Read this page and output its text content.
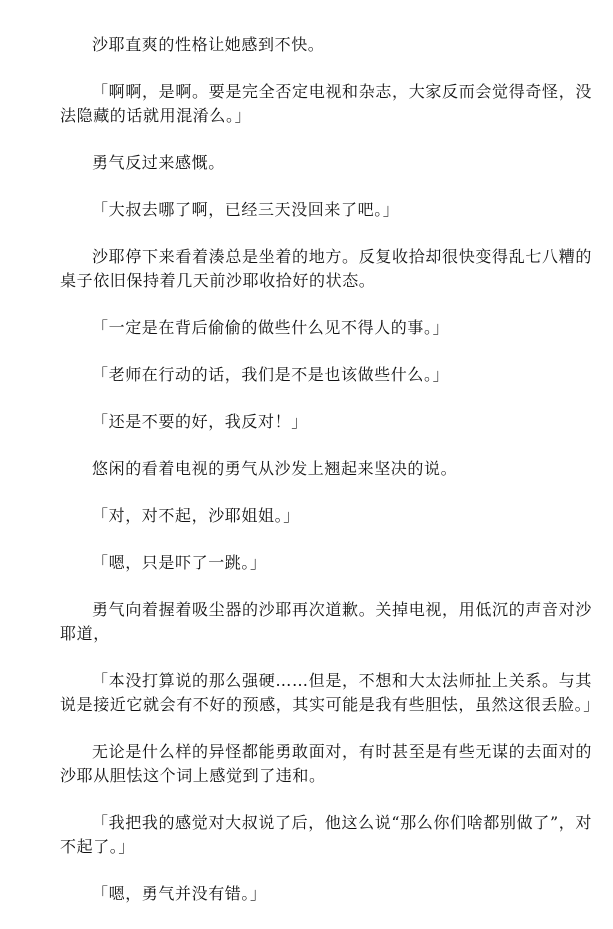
沙耶直爽的性格让她感到不快。

「啊啊，是啊。要是完全否定电视和杂志，大家反而会觉得奇怪，没法隐藏的话就用混淆么。」

勇气反过来感慨。

「大叔去哪了啊，已经三天没回来了吧。」

沙耶停下来看着湊总是坐着的地方。反复收拾却很快变得乱七八糟的桌子依旧保持着几天前沙耶收拾好的状态。

「一定是在背后偷偷的做些什么见不得人的事。」

「老师在行动的话，我们是不是也该做些什么。」

「还是不要的好，我反对！」

悠闲的看着电视的勇气从沙发上翘起来坚决的说。

「对，对不起，沙耶姐姐。」

「嗯，只是吓了一跳。」

勇气向着握着吸尘器的沙耶再次道歉。关掉电视，用低沉的声音对沙耶道，

「本没打算说的那么强硬……但是，不想和大太法师扯上关系。与其说是接近它就会有不好的预感，其实可能是我有些胆怯，虽然这很丢脸。」

无论是什么样的异怪都能勇敢面对，有时甚至是有些无谋的去面对的沙耶从胆怯这个词上感觉到了违和。

「我把我的感觉对大叔说了后，他这么说“那么你们啥都别做了”，对不起了。」

「嗯，勇气并没有错。」
